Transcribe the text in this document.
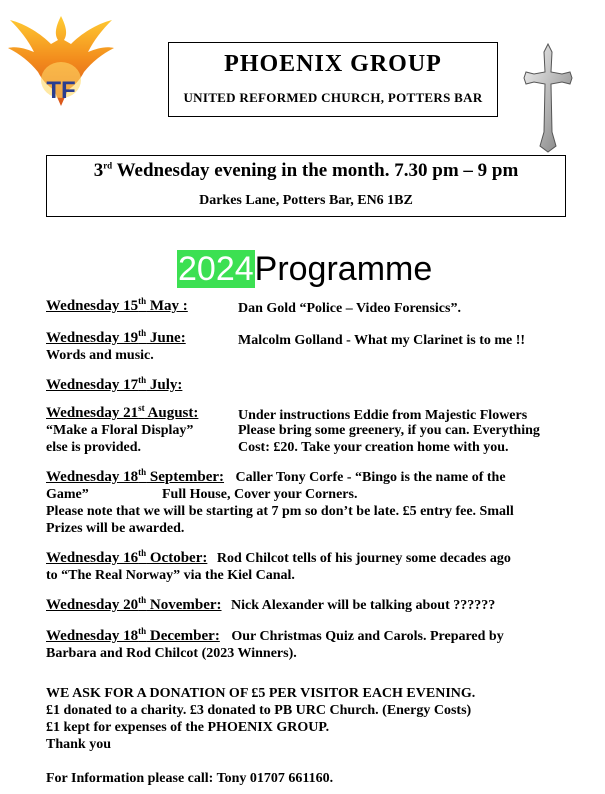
TF
PHOENIX GROUP
UNITED REFORMED CHURCH, POTTERS BAR
3rd Wednesday evening in the month. 7.30 pm – 9 pm
Darkes Lane, Potters Bar, EN6 1BZ
2024Programme
Wednesday 15th May :	Dan Gold “Police – Video Forensics”.
Wednesday 19th June:	Malcolm Golland - What my Clarinet is to me !!
Words and music.
Wednesday 17th July:
Wednesday 21st August:	Under instructions Eddie from Majestic Flowers
“Make a Floral Display”	Please bring some greenery, if you can. Everything
else is provided.	Cost: £20. Take your creation home with you.
Wednesday 18th September: Caller Tony Corfe - “Bingo is the name of the
Game”	Full House, Cover your Corners.
Please note that we will be starting at 7 pm so don’t be late. £5 entry fee. Small
Prizes will be awarded.
Wednesday 16th October: Rod Chilcot tells of his journey some decades ago
to “The Real Norway” via the Kiel Canal.
Wednesday 20th November: Nick Alexander will be talking about ??????
Wednesday 18th December: Our Christmas Quiz and Carols. Prepared by
Barbara and Rod Chilcot (2023 Winners).
WE ASK FOR A DONATION OF £5 PER VISITOR EACH EVENING.
£1 donated to a charity. £3 donated to PB URC Church. (Energy Costs)
£1 kept for expenses of the PHOENIX GROUP.
Thank you
For Information please call: Tony 01707 661160.
